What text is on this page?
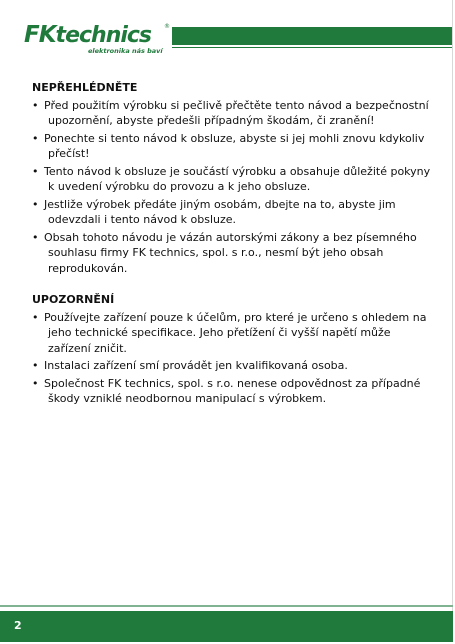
FKtechnics ®
elektronika nás baví
NEPŘEHLÉDNĚTE
• Před použitím výrobku si pečlivě přečtěte tento návod a bezpečnostní upozornění, abyste předešli případným škodám, či zranění!
• Ponechte si tento návod k obsluze, abyste si jej mohli znovu kdykoliv přečíst!
• Tento návod k obsluze je součástí výrobku a obsahuje důležité pokyny k uvedení výrobku do provozu a k jeho obsluze.
• Jestliže výrobek předáte jiným osobám, dbejte na to, abyste jim odevzdali i tento návod k obsluze.
• Obsah tohoto návodu je vázán autorskými zákony a bez písemného souhlasu firmy FK technics, spol. s r.o., nesmí být jeho obsah reprodukován.
UPOZORNĚNÍ
• Používejte zařízení pouze k účelům, pro které je určeno s ohledem na jeho technické specifikace. Jeho přetížení či vyšší napětí může zařízení zničit.
• Instalaci zařízení smí provádět jen kvalifikovaná osoba.
• Společnost FK technics, spol. s r.o. nenese odpovědnost za případné škody vzniklé neodbornou manipulací s výrobkem.
2
